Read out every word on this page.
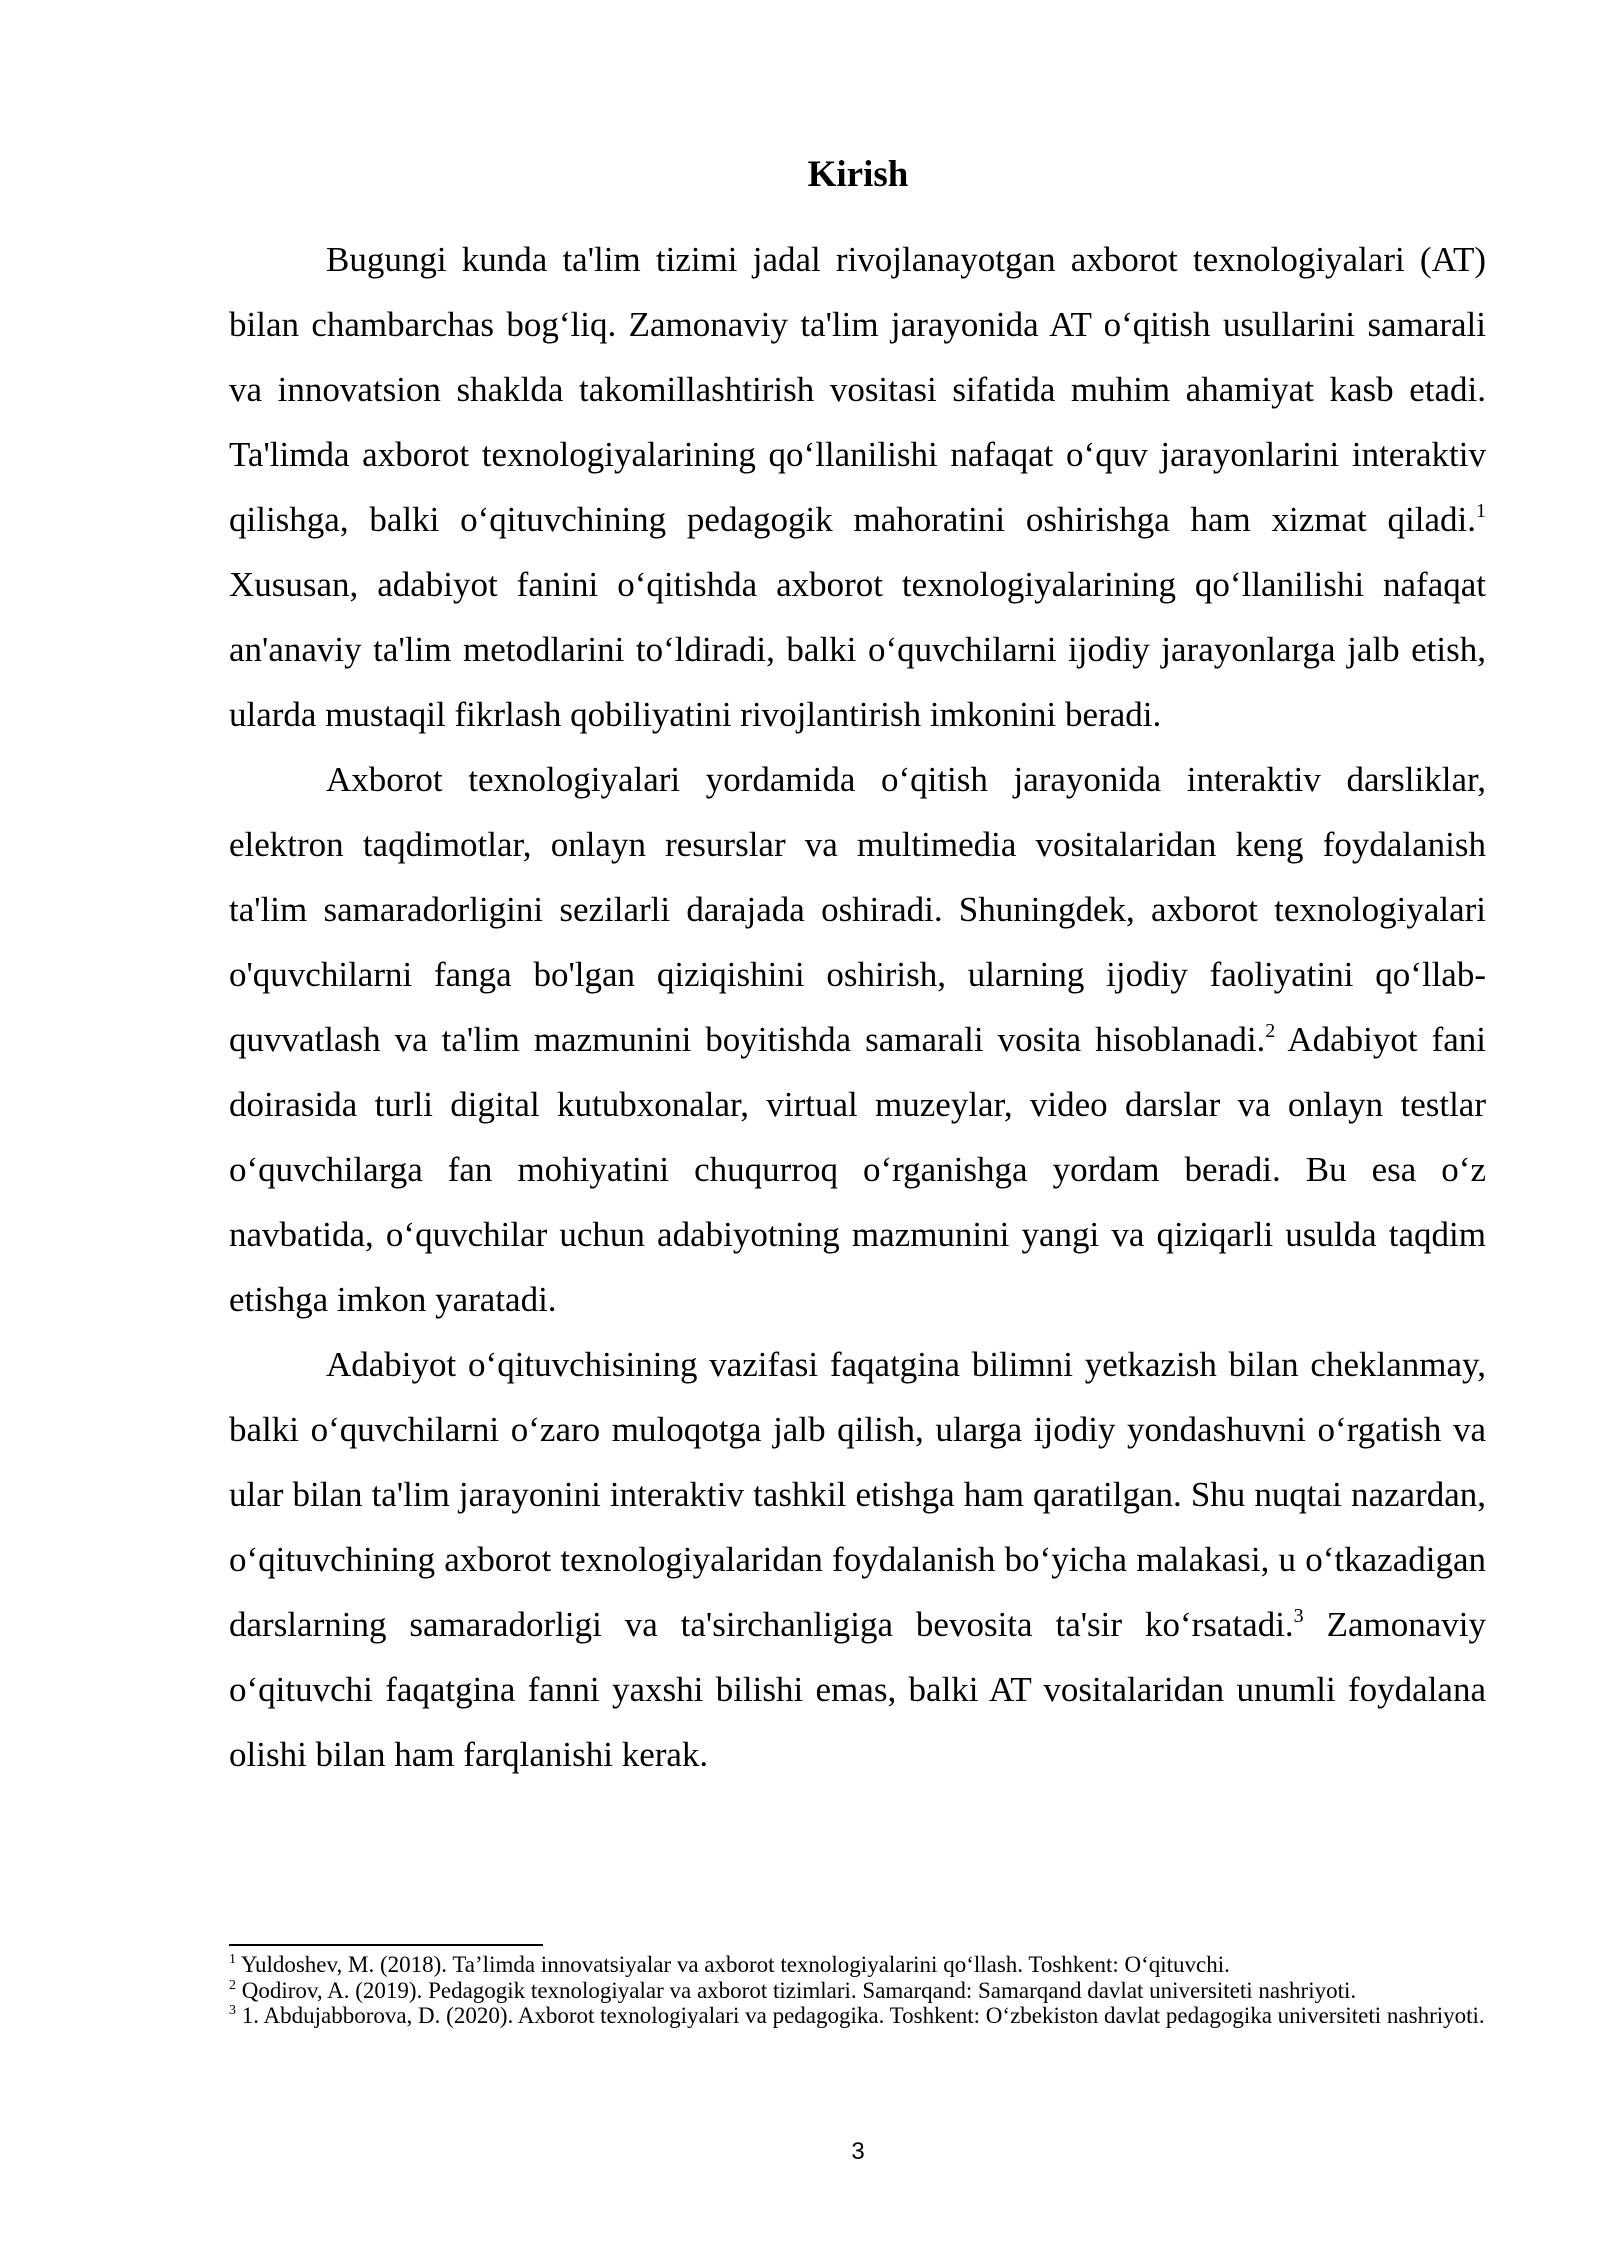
Kirish

Bugungi kunda ta'lim tizimi jadal rivojlanayotgan axborot texnologiyalari (AT) bilan chambarchas bog‘liq. Zamonaviy ta'lim jarayonida AT o‘qitish usullarini samarali va innovatsion shaklda takomillashtirish vositasi sifatida muhim ahamiyat kasb etadi. Ta'limda axborot texnologiyalarining qo‘llanilishi nafaqat o‘quv jarayonlarini interaktiv qilishga, balki o‘qituvchining pedagogik mahoratini oshirishga ham xizmat qiladi.$^1$ Xususan, adabiyot fanini o‘qitishda axborot texnologiyalarining qo‘llanilishi nafaqat an'anaviy ta'lim metodlarini to‘ldiradi, balki o‘quvchilarni ijodiy jarayonlarga jalb etish, ularda mustaqil fikrlash qobiliyatini rivojlantirish imkonini beradi.

Axborot texnologiyalari yordamida o‘qitish jarayonida interaktiv darsliklar, elektron taqdimotlar, onlayn resurslar va multimedia vositalaridan keng foydalanish ta'lim samaradorligini sezilarli darajada oshiradi. Shuningdek, axborot texnologiyalari o'quvchilarni fanga bo'lgan qiziqishini oshirish, ularning ijodiy faoliyatini qo‘llab-quvvatlash va ta'lim mazmunini boyitishda samarali vosita hisoblanadi.$^2$ Adabiyot fani doirasida turli digital kutubxonalar, virtual muzeylar, video darslar va onlayn testlar o‘quvchilarga fan mohiyatini chuqurroq o‘rganishga yordam beradi. Bu esa o‘z navbatida, o‘quvchilar uchun adabiyotning mazmunini yangi va qiziqarli usulda taqdim etishga imkon yaratadi.

Adabiyot o‘qituvchisining vazifasi faqatgina bilimni yetkazish bilan cheklanmay, balki o‘quvchilarni o‘zaro muloqotga jalb qilish, ularga ijodiy yondashuvni o‘rgatish va ular bilan ta'lim jarayonini interaktiv tashkil etishga ham qaratilgan. Shu nuqtai nazardan, o‘qituvchining axborot texnologiyalaridan foydalanish bo‘yicha malakasi, u o‘tkazadigan darslarning samaradorligi va ta'sirchanligiga bevosita ta'sir ko‘rsatadi.$^3$ Zamonaviy o‘qituvchi faqatgina fanni yaxshi bilishi emas, balki AT vositalaridan unumli foydalana olishi bilan ham farqlanishi kerak.

$^1$ Yuldoshev, M. (2018). Ta’limda innovatsiyalar va axborot texnologiyalarini qo‘llash. Toshkent: O‘qituvchi.

$^2$ Qodirov, A. (2019). Pedagogik texnologiyalar va axborot tizimlari. Samarqand: Samarqand davlat universiteti nashriyoti.

$^3$ 1. Abdujabborova, D. (2020). Axborot texnologiyalari va pedagogika. Toshkent: O‘zbekiston davlat pedagogika universiteti nashriyoti.

3
